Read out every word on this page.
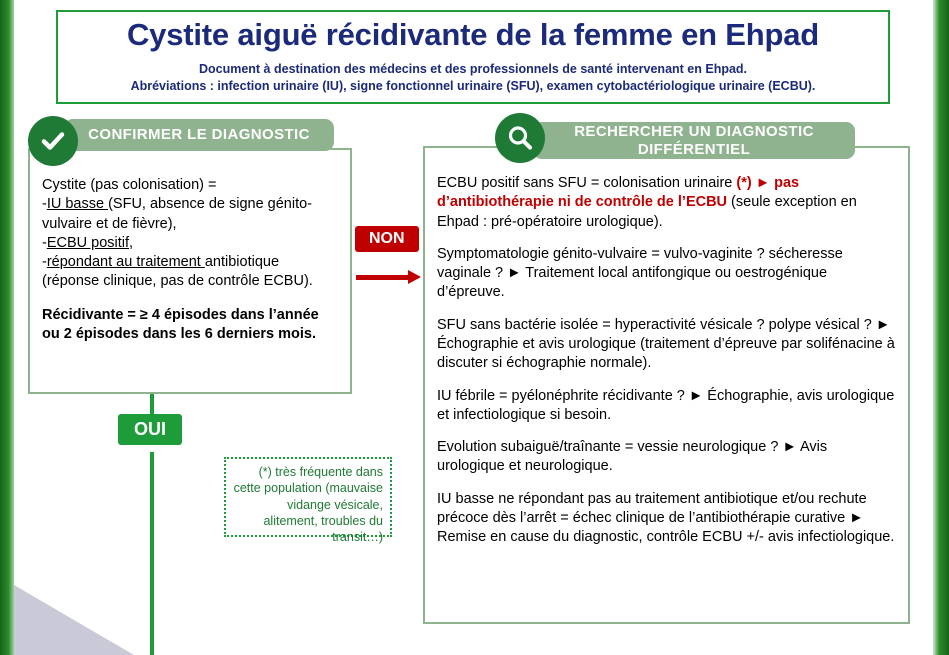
Cystite aiguë récidivante de la femme en Ehpad
Document à destination des médecins et des professionnels de santé intervenant en Ehpad.
Abréviations : infection urinaire (IU), signe fonctionnel urinaire (SFU), examen cytobactériologique urinaire (ECBU).
CONFIRMER LE DIAGNOSTIC
Cystite (pas colonisation) =
-IU basse (SFU, absence de signe génito-vulvaire et de fièvre),
-ECBU positif,
-répondant au traitement antibiotique (réponse clinique, pas de contrôle ECBU).
Récidivante = ≥ 4 épisodes dans l’année
ou 2 épisodes dans les 6 derniers mois.
NON
OUI
(*) très fréquente dans cette population (mauvaise vidange vésicale, alitement, troubles du transit…)
RECHERCHER UN DIAGNOSTIC DIFFÉRENTIEL

ECBU positif sans SFU = colonisation urinaire (*) ► pas d’antibiothérapie ni de contrôle de l’ECBU (seule exception en Ehpad : pré-opératoire urologique).

Symptomatologie génito-vulvaire = vulvo-vaginite ? sécheresse vaginale ? ► Traitement local antifongique ou oestrogénique d’épreuve.

SFU sans bactérie isolée = hyperactivité vésicale ? polype vésical ? ► Échographie et avis urologique (traitement d’épreuve par solifénacine à discuter si échographie normale).

IU fébrile = pyélonéphrite récidivante ? ► Échographie, avis urologique et infectiologique si besoin.

Evolution subaiguë/traînante = vessie neurologique ? ► Avis urologique et neurologique.

IU basse ne répondant pas au traitement antibiotique et/ou rechute précoce dès l’arrêt = échec clinique de l’antibiothérapie curative ► Remise en cause du diagnostic, contrôle ECBU +/- avis infectiologique.
